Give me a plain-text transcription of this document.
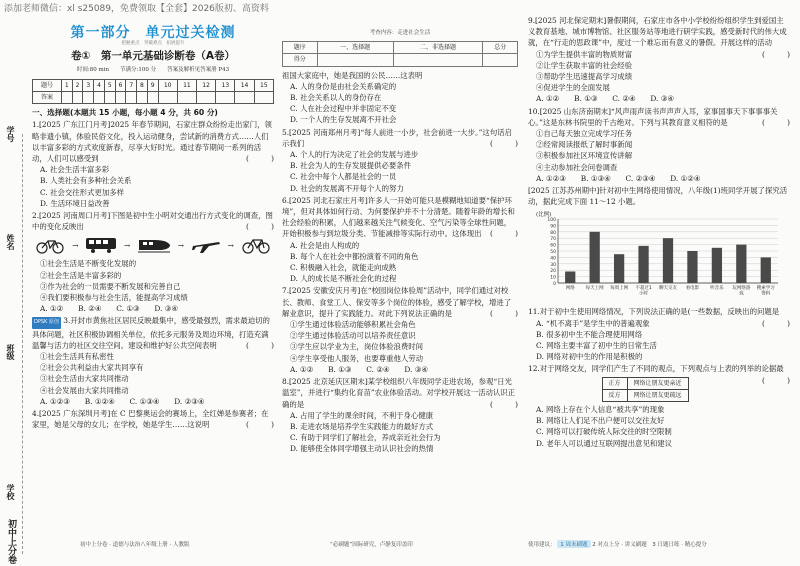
添加老师微信：xl s25089，免费领取【全套】2026版初、高资料
学号
姓名
班级
学校
初中上分卷
第一部分　单元过关检测
把握重点　突破难点　拓展提升
卷①　第一单元基础诊断卷（A卷）
时间:80 min　　节满分:100 分　　答案及解析见答案册 P43
题号	1	2	3	4	5	6	7	8	9	10	11	12	13	14	15
答案															
一、选择题(本题共 15 小题，每小题 4 分，共 60 分)
1.[2025 广东江门月考]2025 年春节期间，石家庄群众纷纷走出家门，领略非遗小镇，体验民俗文化，投入运动健身，尝试新的消费方式……人们以丰富多彩的方式欢度新春，尽享大好时光。通过春节期间一系列的活动，人们可以感受到	(　　　)
A. 社会生活丰富多彩
B. 人类社会有多种社会关系
C. 社会交往形式更加多样
D. 生活环境日益改善
2.[2025 河南周口月考]下图是初中生小明对交通出行方式变化的调查，图中的变化反映出	(　　　)
→	→	→	→
①社会生活是不断变化发展的
②社会生活是丰富多彩的
③作为社会的一员需要不断发展和完善自己
④我们要积极参与社会生活，能提高学习成绩
A. ①②　　B. ②④　　C. ①③　　D. ③④
DPSK 原创 3.开封市黄焦社区居民反映最集中，感受最强烈，需求最迫切的具体问题，社区积极协调相关单位，依托多元服务及周边环境，打造充满温馨与活力的社区交往空间。建设和维护好公共空间表明	(　　　)
①社会生活具有私密性
②社会公共利益由大家共同享有
③社会生活由大家共同推动
④社会发展由大家共同推动
A. ①②③　　B. ①②④　　C. ①③④　　D. ②③④
4.[2025 广东深圳月考]在 C 巴黎奥运会的赛场上，全红婵是参赛者；在家里，她是父母的女儿；在学校，她是学生……这说明	(　　　)
考查内容：走进社会生活
题序	一、选择题	二、非选择题	总分
得分			
祖国大家庭中，她是我国的公民……这表明
A. 人的身份是由社会关系确定的
B. 社会关系以人的身份存在
C. 人在社会过程中并非固定不变
D. 一个人的生存发展离不开社会
5.[2025 河南郑州月考]“每人前进一小步，社会前进一大步。”这句话启示我们	(　　　)
A. 个人的行为决定了社会的发展与进步
B. 社会为人的生存发展提供必要条件
C. 社会中每个人都是社会的一员
D. 社会的发展离不开每个人的努力
6.[2025 河北石家庄月考]许多人一开始可能只是模糊地知道要“保护环境”，但对具体如何行动、为何要保护并不十分清楚。随着年龄的增长和社会经验的积累，人们越来越关注气候变化、空气污染等全球性问题，开始积极参与到垃圾分类、节能减排等实际行动中。这体现出 (　　　)
A. 社会是由人构成的
B. 每个人在社会中都扮演着不同的角色
C. 积极融入社会，就能走向成熟
D. 人的成长是不断社会化的过程
7.[2025 安徽安庆月考]在“校园岗位体验周”活动中，同学们通过对校长、教师、食堂工人、保安等多个岗位的体验，感受了解学校，增进了解业意识，提升了实践能力。对此下列说法正确的是	(　　　)
①学生通过体验活动能够积累社会角色
②学生通过体验活动可以培养责任意识
③学生应以学业为主，岗位体验浪费时间
④学生享受他人服务，也要尊重他人劳动
A. ①②　　B. ①③　　C. ②④　　D. ③④
8.[2025 北京延庆区期末]某学校组织八年级同学走进农场，参观“日光温室”，并进行“集约化育苗”农业体验活动。对学校开展这一活动认识正确的是	(　　　)
A. 占用了学生的课余时间，不利于身心健康
B. 走进农场是培养学生实践能力的最好方式
C. 有助于同学们了解社会，养成亲近社会行为
D. 能够使全体同学增强主动认识社会的热情
9.[2025 河北保定期末]暑假期间，石家庄市各中小学校纷纷组织学生到爱国主义教育基地、城市博物馆、社区服务站等地进行研学实践，感受新时代的伟大成就，在“行走的思政课”中，度过一个难忘而有意义的暑假。开展这样的活动
(　　　)
①为学生提供丰富的物质财富
②让学生获取丰富的社会经验
③帮助学生迅速提高学习成绩
④促进学生的全面发展
A. ①②　　B. ①③　　C. ②④　　D. ③④
10.[2025 山东济南期末]“风声雨声读书声声声入耳，家事国事天下事事事关心。”这是东林书院里的千古绝对。下列与其教育意义相符的是	(　　　)
①自己每天独立完成学习任务
②经常阅读报纸了解时事新闻
③积极参加社区环境宣传讲解
④主动参加社会问卷调查
A. ①②③　　B. ①③④　　C. ②③④　　D. ①②④
[2025 江苏苏州期中]针对初中生网络使用情况，八年级(1)班同学开展了探究活动，据此完成下面 11～12 小题。
(比例)
100
90
80
70
60
50
40
30
20
10
0
网络 每天上网 每周上网 不超过1 小时
聊天交友 看电影 听音乐 玩网络游戏
搜索学习资料
11.对于初中生使用网络情况，下列说法正确的是(一些数据，反映出的问题是
(　　　)
A. “机不离手”是学生中的普遍观象
B. 很多初中生不能合理使用网络
C. 网络主要丰富了初中生的日常生活
D. 网络对初中生的作用是积极的
12.对于网络交友，同学们产生了不同的观点，下列观点与上表的列举的论据最
(　　　)
正方	网络让朋友更亲近
反方	网络让朋友更疏远
A. 网络上存在个人信息“被共享”的现象
B. 网络让人们足不出户便可以交往友好
C. 网络可以打破传统人际交往的时空限制
D. 老年人可以通过互联网提出意见和建议
初中上分卷 · 道德与法治八年级上册 · 人教版	“必刷题”国际研究，卢静复印盖印	使用建议： 1 周末刷题 2 对点上分 · 讲义刷题　3 日题日练 · 精心提分
